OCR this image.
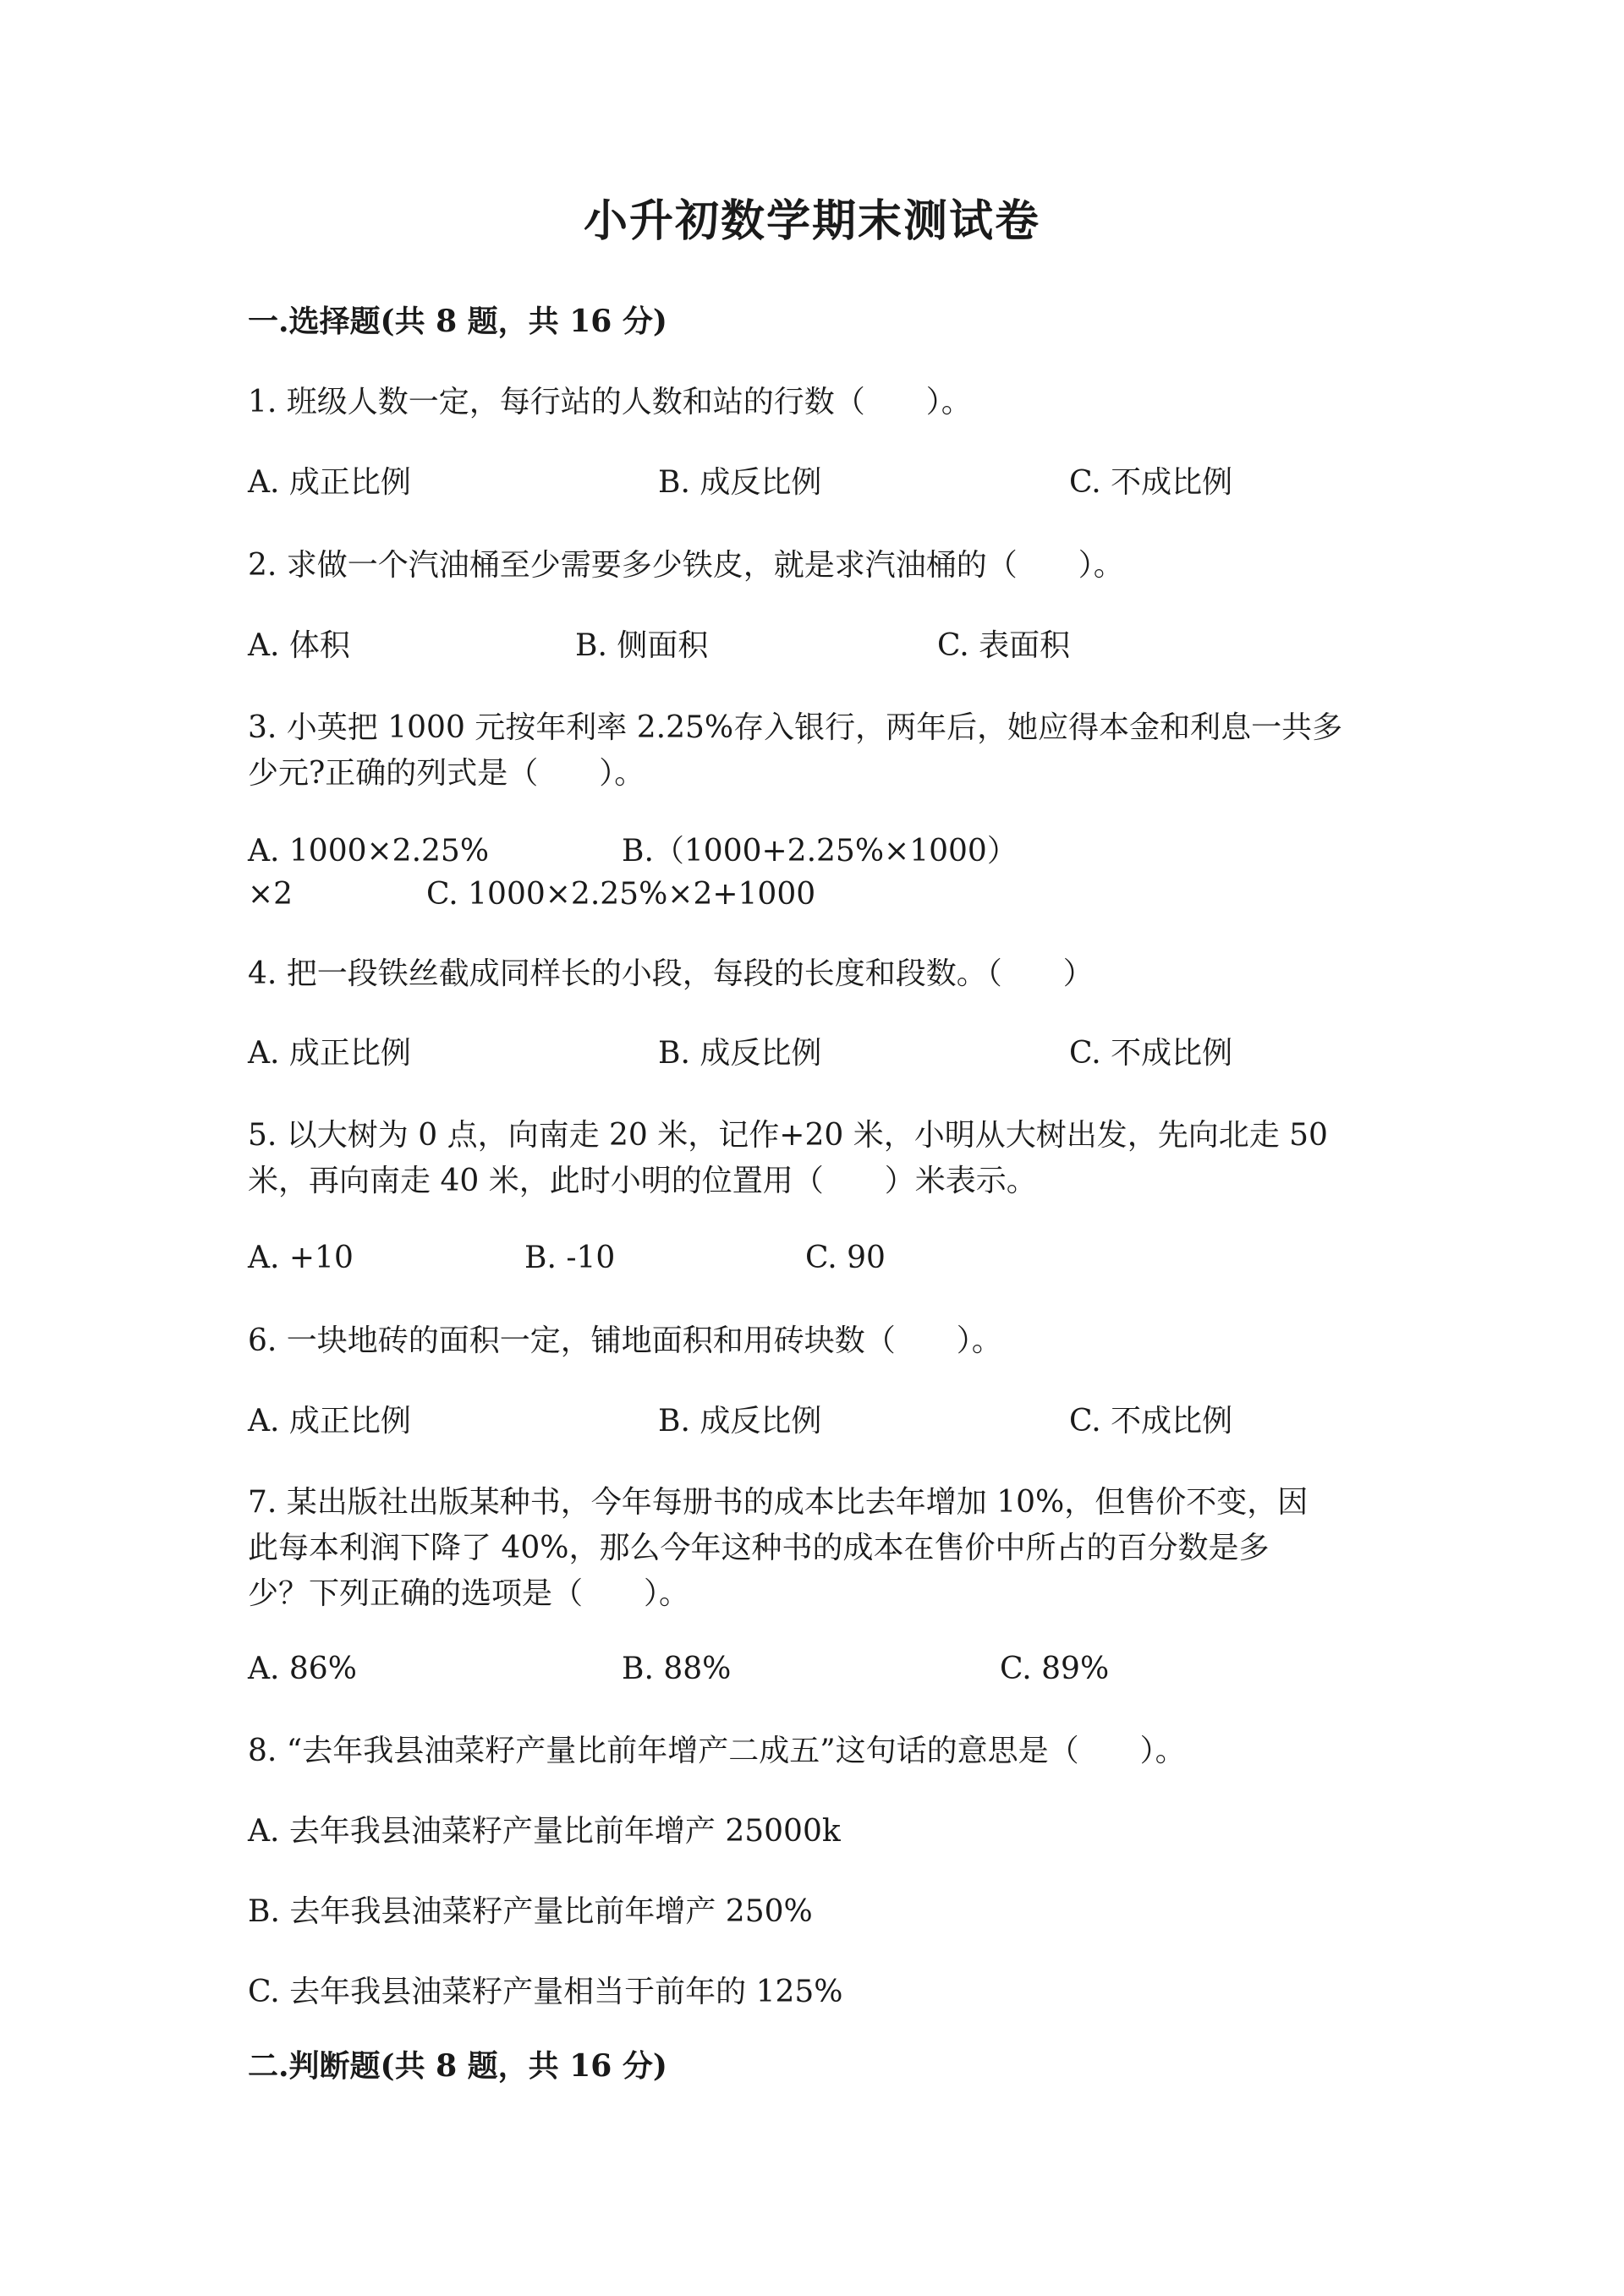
小升初数学期末测试卷
一.选择题(共 8 题，共 16 分)
1. 班级人数一定，每行站的人数和站的行数（　　）。
A. 成正比例	B. 成反比例	C. 不成比例
2. 求做一个汽油桶至少需要多少铁皮，就是求汽油桶的（　　）。
A. 体积	B. 侧面积	C. 表面积
3. 小英把 1000 元按年利率 2.25%存入银行，两年后，她应得本金和利息一共多
少元?正确的列式是（　　）。
A. 1000×2.25%	B.（1000+2.25%×1000）
×2	C. 1000×2.25%×2+1000
4. 把一段铁丝截成同样长的小段，每段的长度和段数。（　　）
A. 成正比例	B. 成反比例	C. 不成比例
5. 以大树为 0 点，向南走 20 米，记作+20 米，小明从大树出发，先向北走 50
米，再向南走 40 米，此时小明的位置用（　　）米表示。
A. +10	B. -10	C. 90
6. 一块地砖的面积一定，铺地面积和用砖块数（　　）。
A. 成正比例	B. 成反比例	C. 不成比例
7. 某出版社出版某种书，今年每册书的成本比去年增加 10%，但售价不变，因
此每本利润下降了 40%，那么今年这种书的成本在售价中所占的百分数是多
少？下列正确的选项是（　　）。
A. 86%	B. 88%	C. 89%
8. “去年我县油菜籽产量比前年增产二成五”这句话的意思是（　　）。
A. 去年我县油菜籽产量比前年增产 25000k
B. 去年我县油菜籽产量比前年增产 250%
C. 去年我县油菜籽产量相当于前年的 125%
二.判断题(共 8 题，共 16 分)
